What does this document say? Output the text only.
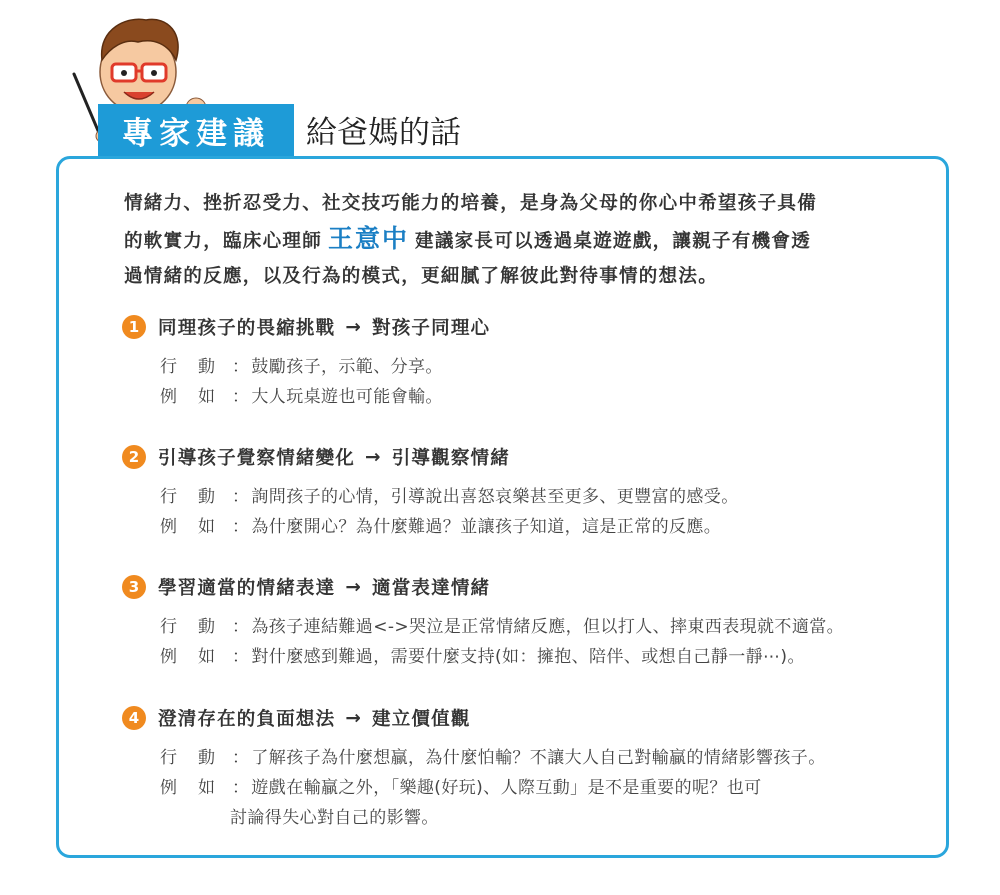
專家建議	給爸媽的話
情緒力、挫折忍受力、社交技巧能力的培養，是身為父母的你心中希望孩子具備
的軟實力，臨床心理師 王意中 建議家長可以透過桌遊遊戲，讓親子有機會透
過情緒的反應，以及行為的模式，更細膩了解彼此對待事情的想法。
1	同理孩子的畏縮挑戰 → 對孩子同理心
行	動 ： 鼓勵孩子，示範、分享。
例	如 ： 大人玩桌遊也可能會輸。
2	引導孩子覺察情緒變化 → 引導觀察情緒
行	動 ： 詢問孩子的心情，引導說出喜怒哀樂甚至更多、更豐富的感受。
例	如 ： 為什麼開心？為什麼難過？並讓孩子知道，這是正常的反應。
3	學習適當的情緒表達 → 適當表達情緒
行	動 ： 為孩子連結難過<->哭泣是正常情緒反應，但以打人、摔東西表現就不適當。
例	如 ： 對什麼感到難過，需要什麼支持(如：擁抱、陪伴、或想自己靜一靜⋯)。
4	澄清存在的負面想法 → 建立價值觀
行	動 ： 了解孩子為什麼想贏，為什麼怕輸？不讓大人自己對輸贏的情緒影響孩子。
例	如 ： 遊戲在輸贏之外，「樂趣(好玩)、人際互動」是不是重要的呢？也可
討論得失心對自己的影響。
